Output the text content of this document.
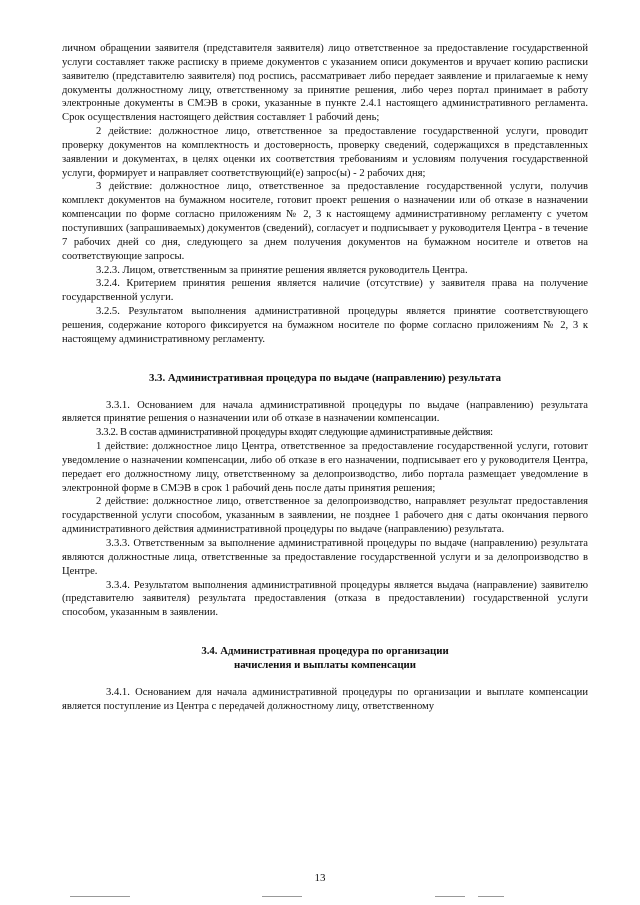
личном обращении заявителя (представителя заявителя) лицо ответственное за предоставление государственной услуги составляет также расписку в приеме документов с указанием описи документов и вручает копию расписки заявителю (представителю заявителя) под роспись, рассматривает либо передает заявление и прилагаемые к нему документы должностному лицу, ответственному за принятие решения, либо через портал принимает в работу электронные документы в СМЭВ в сроки, указанные в пункте 2.4.1 настоящего административного регламента. Срок осуществления настоящего действия составляет 1 рабочий день;

2 действие: должностное лицо, ответственное за предоставление государственной услуги, проводит проверку документов на комплектность и достоверность, проверку сведений, содержащихся в представленных заявлении и документах, в целях оценки их соответствия требованиям и условиям получения государственной услуги, формирует и направляет соответствующий(е) запрос(ы) - 2 рабочих дня;

3 действие: должностное лицо, ответственное за предоставление государственной услуги, получив комплект документов на бумажном носителе, готовит проект решения о назначении или об отказе в назначении компенсации по форме согласно приложениям № 2, 3 к настоящему административному регламенту с учетом поступивших (запрашиваемых) документов (сведений), согласует и подписывает у руководителя Центра - в течение 7 рабочих дней со дня, следующего за днем получения документов на бумажном носителе и ответов на соответствующие запросы.

3.2.3. Лицом, ответственным за принятие решения является руководитель Центра.

3.2.4. Критерием принятия решения является наличие (отсутствие) у заявителя права на получение государственной услуги.

3.2.5. Результатом выполнения административной процедуры является принятие соответствующего решения, содержание которого фиксируется на бумажном носителе по форме согласно приложениям № 2, 3 к настоящему административному регламенту.

3.3. Административная процедура по выдаче (направлению) результата

3.3.1. Основанием для начала административной процедуры по выдаче (направлению) результата является принятие решения о назначении или об отказе в назначении компенсации.

3.3.2. В состав административной процедуры входят следующие административные действия:

1 действие: должностное лицо Центра, ответственное за предоставление государственной услуги, готовит уведомление о назначении компенсации, либо об отказе в его назначении, подписывает его у руководителя Центра, передает его должностному лицу, ответственному за делопроизводство, либо портала размещает уведомление в электронной форме в СМЭВ в срок 1 рабочий день после даты принятия решения;

2 действие: должностное лицо, ответственное за делопроизводство, направляет результат предоставления государственной услуги способом, указанным в заявлении, не позднее 1 рабочего дня с даты окончания первого административного действия административной процедуры по выдаче (направлению) результата.

3.3.3. Ответственным за выполнение административной процедуры по выдаче (направлению) результата являются должностные лица, ответственные за предоставление государственной услуги и за делопроизводство в Центре.

3.3.4. Результатом выполнения административной процедуры является выдача (направление) заявителю (представителю заявителя) результата предоставления (отказа в предоставлении) государственной услуги способом, указанным в заявлении.

3.4. Административная процедура по организации
начисления и выплаты компенсации

3.4.1. Основанием для начала административной процедуры по организации и выплате компенсации является поступление из Центра с передачей должностному лицу, ответственному

13
